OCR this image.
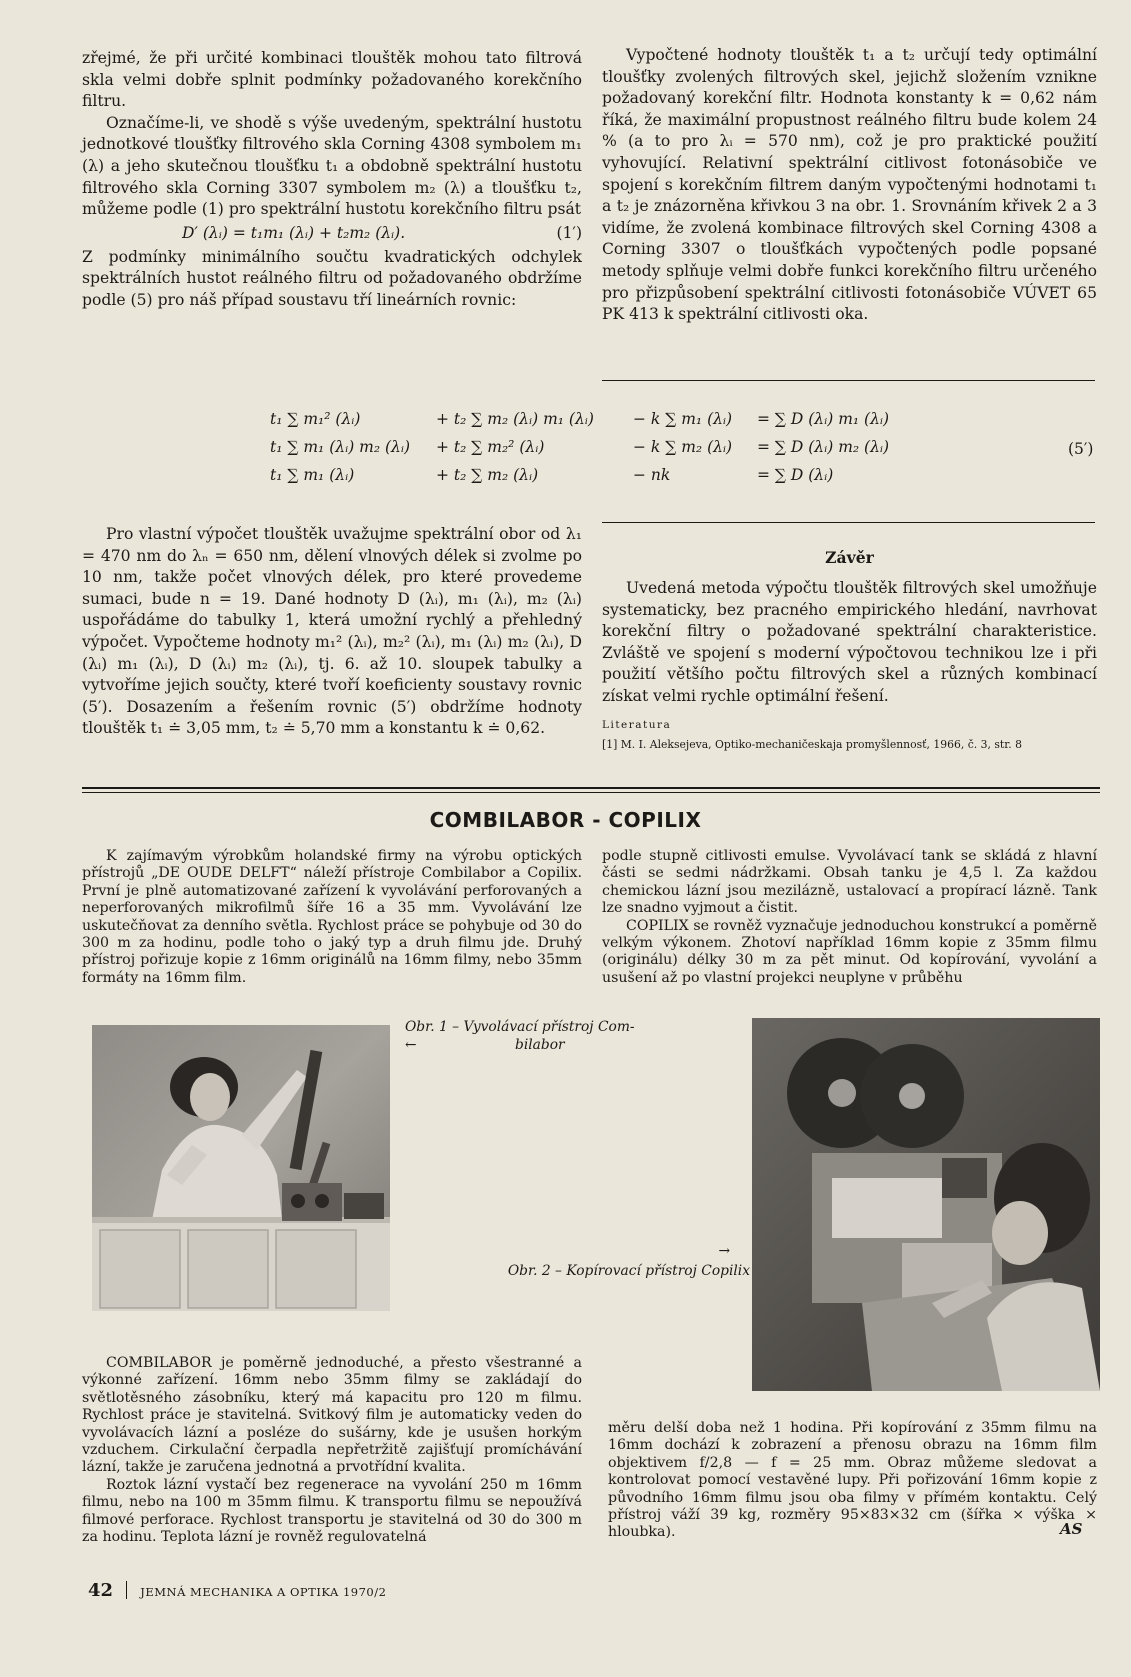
zřejmé, že při určité kombinaci tlouštěk mohou tato filtrová skla velmi dobře splnit podmínky požadovaného korekčního filtru.

Označíme-li, ve shodě s výše uvedeným, spektrální hustotu jednotkové tloušťky filtrového skla Corning 4308 symbolem m₁ (λ) a jeho skutečnou tloušťku t₁ a obdobně spektrální hustotu filtrového skla Corning 3307 symbolem m₂ (λ) a tloušťku t₂, můžeme podle (1) pro spektrální hustotu korekčního filtru psát

D′ (λᵢ) = t₁m₁ (λᵢ) + t₂m₂ (λᵢ).	(1′)

Z podmínky minimálního součtu kvadratických odchylek spektrálních hustot reálného filtru od požadovaného obdržíme podle (5) pro náš případ soustavu tří lineárních rovnic:

Vypočtené hodnoty tlouštěk t₁ a t₂ určují tedy optimální tloušťky zvolených filtrových skel, jejichž složením vznikne požadovaný korekční filtr. Hodnota konstanty k = 0,62 nám říká, že maximální propustnost reálného filtru bude kolem 24 % (a to pro λᵢ = 570 nm), což je pro praktické použití vyhovující. Relativní spektrální citlivost fotonásobiče ve spojení s korekčním filtrem daným vypočtenými hodnotami t₁ a t₂ je znázorněna křivkou 3 na obr. 1. Srovnáním křivek 2 a 3 vidíme, že zvolená kombinace filtrových skel Corning 4308 a Corning 3307 o tloušťkách vypočtených podle popsané metody splňuje velmi dobře funkci korekčního filtru určeného pro přizpůsobení spektrální citlivosti fotonásobiče VÚVET 65 PK 413 k spektrální citlivosti oka.

t₁ ∑ m₁² (λᵢ)	+ t₂ ∑ m₂ (λᵢ) m₁ (λᵢ)	− k ∑ m₁ (λᵢ) = ∑ D (λᵢ) m₁ (λᵢ)
t₁ ∑ m₁ (λᵢ) m₂ (λᵢ) + t₂ ∑ m₂² (λᵢ)	− k ∑ m₂ (λᵢ) = ∑ D (λᵢ) m₂ (λᵢ)
t₁ ∑ m₁ (λᵢ)	+ t₂ ∑ m₂ (λᵢ)	− nk	= ∑ D (λᵢ)
(5′)

Pro vlastní výpočet tlouštěk uvažujme spektrální obor od λ₁ = 470 nm do λₙ = 650 nm, dělení vlnových délek si zvolme po 10 nm, takže počet vlnových délek, pro které provedeme sumaci, bude n = 19. Dané hodnoty D (λᵢ), m₁ (λᵢ), m₂ (λᵢ) uspořádáme do tabulky 1, která umožní rychlý a přehledný výpočet. Vypočteme hodnoty m₁² (λᵢ), m₂² (λᵢ), m₁ (λᵢ) m₂ (λᵢ), D (λᵢ) m₁ (λᵢ), D (λᵢ) m₂ (λᵢ), tj. 6. až 10. sloupek tabulky a vytvoříme jejich součty, které tvoří koeficienty soustavy rovnic (5′). Dosazením a řešením rovnic (5′) obdržíme hodnoty tlouštěk t₁ ≐ 3,05 mm, t₂ ≐ 5,70 mm a konstantu k ≐ 0,62.

Závěr
Uvedená metoda výpočtu tlouštěk filtrových skel umožňuje systematicky, bez pracného empirického hledání, navrhovat korekční filtry o požadované spektrální charakteristice. Zvláště ve spojení s moderní výpočtovou technikou lze i při použití většího počtu filtrových skel a různých kombinací získat velmi rychle optimální řešení.
Literatura
[1] M. I. Aleksejeva, Optiko-mechaničeskaja promyšlennosť, 1966, č. 3, str. 8
COMBILABOR - COPILIX

K zajímavým výrobkům holandské firmy na výrobu optických přístrojů „DE OUDE DELFT“ náleží přístroje Combilabor a Copilix. První je plně automatizované zařízení k vyvolávání perforovaných a neperforovaných mikrofilmů šíře 16 a 35 mm. Vyvolávání lze uskutečňovat za denního světla. Rychlost práce se pohybuje od 30 do 300 m za hodinu, podle toho o jaký typ a druh filmu jde. Druhý přístroj pořizuje kopie z 16mm originálů na 16mm filmy, nebo 35mm formáty na 16mm film.

podle stupně citlivosti emulse. Vyvolávací tank se skládá z hlavní části se sedmi nádržkami. Obsah tanku je 4,5 l. Za každou chemickou lázní jsou mezilázně, ustalovací a propírací lázně. Tank lze snadno vyjmout a čistit.

COPILIX se rovněž vyznačuje jednoduchou konstrukcí a poměrně velkým výkonem. Zhotoví například 16mm kopie z 35mm filmu (originálu) délky 30 m za pět minut. Od kopírování, vyvolání a usušení až po vlastní projekci neuplyne v průběhu

Obr. 1 – Vyvolávací přístroj Com-
←	bilabor
→
Obr. 2 – Kopírovací přístroj Copilix

COMBILABOR je poměrně jednoduché, a přesto všestranné a výkonné zařízení. 16mm nebo 35mm filmy se zakládají do světlotěsného zásobníku, který má kapacitu pro 120 m filmu. Rychlost práce je stavitelná. Svitkový film je automaticky veden do vyvolávacích lázní a posléze do sušárny, kde je usušen horkým vzduchem. Cirkulační čerpadla nepřetržitě zajišťují promíchávání lázní, takže je zaručena jednotná a prvotřídní kvalita.

Roztok lázní vystačí bez regenerace na vyvolání 250 m 16mm filmu, nebo na 100 m 35mm filmu. K transportu filmu se nepoužívá filmové perforace. Rychlost transportu je stavitelná od 30 do 300 m za hodinu. Teplota lázní je rovněž regulovatelná

měru delší doba než 1 hodina. Při kopírování z 35mm filmu na 16mm dochází k zobrazení a přenosu obrazu na 16mm film objektivem f/2,8 — f = 25 mm. Obraz můžeme sledovat a kontrolovat pomocí vestavěné lupy. Při pořizování 16mm kopie z původního 16mm filmu jsou oba filmy v přímém kontaktu. Celý přístroj váží 39 kg, rozměry 95×83×32 cm (šířka × výška × hloubka).	AS
42 JEMNÁ MECHANIKA A OPTIKA 1970/2
